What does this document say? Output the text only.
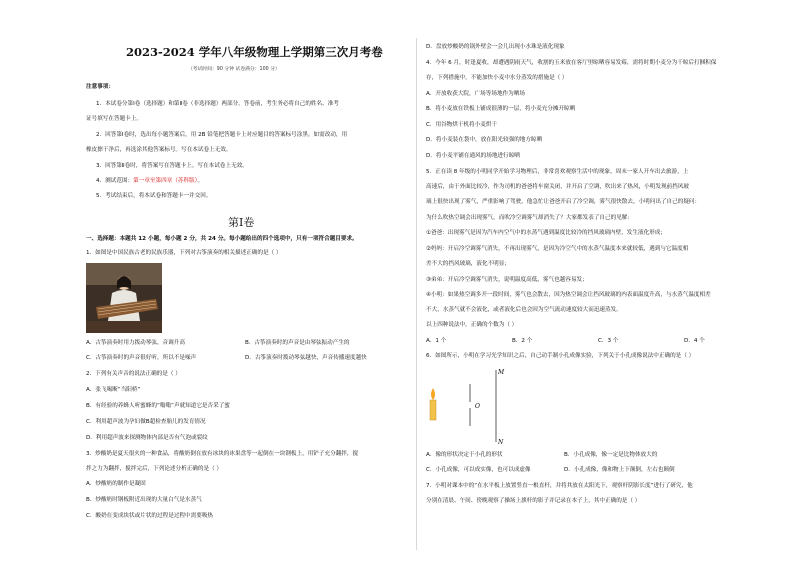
2023-2024 学年八年级物理上学期第三次月考卷
（考试时间：90 分钟 试卷满分：100 分）
注意事项：
1．本试卷分第Ⅰ卷（选择题）和第Ⅱ卷（非选择题）两部分。答卷前，考生务必将自己的姓名、准考
证号填写在答题卡上。
2．回答第Ⅰ卷时，选出每小题答案后，用 2B 铅笔把答题卡上对应题目的答案标号涂黑。如需改动，用
橡皮擦干净后，再选涂其他答案标号。写在本试卷上无效。
3．回答第Ⅱ卷时，将答案写在答题卡上。写在本试卷上无效。
4．测试范围：第一章至第四章（苏科版）。
5．考试结束后，将本试卷和答题卡一并交回。
第Ⅰ卷
一、选择题：本题共 12 小题，每小题 2 分，共 24 分。每小题给出的四个选项中，只有一项符合题目要求。
1．如图是中国民族古老的民族乐器，下列对古筝演奏的相关描述正确的是（ ）
A．古筝演奏时用力拨动琴弦，音调升高	B．古筝演奏时的声音是由琴弦振动产生的
C．古筝演奏时的声音很好听，所以不是噪声	D．古筝演奏时拨动琴弦越快，声音传播速度越快
2．下列有关声音的说法正确的是（ ）
A．张飞喝断“当阳桥”
B．有经验的养蜂人听蜜蜂的“嗡嗡”声就知道它是否采了蜜
C．利用超声波为孕妇做B超检查胎儿的发育情况
D．利用超声波来探测物体内部是否有气泡或裂纹
3．炒酸奶是夏天很火的一种食品，将酸奶倒在放有冰块的冰果盘等一起倒在一块钢板上，用铲子充分翻拌，搅
拌之力为翻拌，搅拌完后，下列论述分析正确的是（ ）
A．炒酸奶的制作是凝固
B．炒酸奶时钢板附近出现的大量白气是水蒸气
C．酸奶在变成块状或片状的过程是过程中需要吸热
D．盘放炒酸奶的锅外壁会一会儿出现小水珠是液化现象
4．今年 6 月，时逢夏收，却遭遇阴雨天气，收割的玉米放在客厅里晾晒容易发霉，需将时期小麦分为干晾后打捆积保
存，下列措施中，不能加快小麦中水分蒸发的措施是（ ）
A．开放收获大院，广场等场地作为晒场
B．将小麦放在铁板上铺成很薄的一层，将小麦充分摊开晾晒
C．用谷物烘干机将小麦烘干
D．将小麦装在袋中，放在阳光较强的地方晾晒
D．将小麦平铺在通风的场地进行晾晒
5．正在读 8 年级的小明同学开始学习物理后，非常喜欢观察生活中的现象，周末一家人开车出去旅游，上
高速后，由于外面比较冷，作为司机的爸爸将车窗关闭，并开启了空调，吹出来了热风，小明发现前挡风玻
璃上很快出现了雾气，严重影响了驾驶，他急忙让爸爸开启了冷空调，雾气很快散去，小明问出了自己的疑问：
为什么吹热空调会出现雾气，而吹冷空调雾气却消失了？大家都发表了自己的见解：
①爸爸：出现雾气是因为汽车内空气中的水蒸气遇到温度比较冷的挡风玻璃内壁，发生液化形成；
②妈妈：开启冷空调雾气消失，不再出现雾气，是因为冷空气中的水蒸气温度本来就较低，遇到与它温度相
差不大的挡风玻璃，液化不明显；
③弟弟：开启冷空调雾气消失，说明温度高低，雾气也越容易发；
④小明：如果热空调多开一段时间，雾气也会散去，因为热空调会让挡风玻璃的内表面温度升高，与水蒸气温度相差
不大，水蒸气就不会液化，或者液化后也会因为空气流动速度较大而迅速蒸发。
以上四种说法中，正确的个数为（ ）
A．1 个	B．2 个	C．3 个	D．4 个
6．如图所示，小明在学习光学知识之后，自己动手制小孔成像实验，下列关于小孔成像说法中正确的是（ ）
O
M
N
A．像的形状决定于小孔的形状	B．小孔成像，像一定是比物体放大的
C．小孔成像，可以成实像，也可以成虚像	D．小孔成像，像和物上下颠倒，左右也颠倒
7．小明对课本中的“在水平板上放置竖直一根直杆，并将其放在太阳光下，观察杆阴影长度”进行了研究，他
分别在清晨、午间、傍晚观察了操场上旗杆的影子并记录在本子上，其中正确的是（ ）
